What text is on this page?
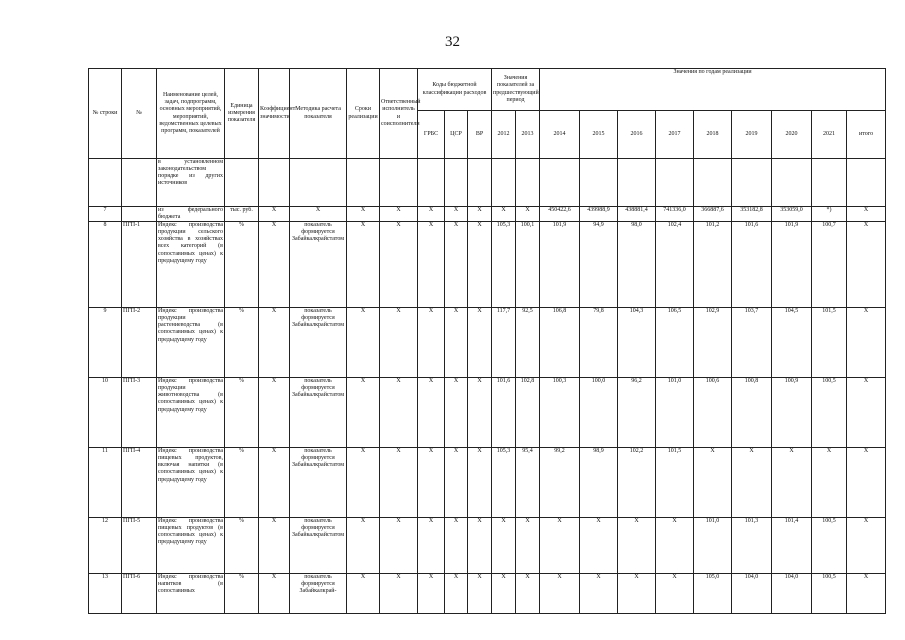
32
№ строки	№	Наименование целей, задач, подпрограмм, основных мероприятий, мероприятий, ведомственных целевых программ, показателей	Единица измерения показателя	Коэффициент значимости	Методика расчета показателя	Сроки реализации	Ответственный исполнитель и соисполнители	Коды бюджетной классификации расходов			Значения показателей за предшествующий период		Значения по годам реализации								
								ГРБС	ЦСР	ВР	2012	2013	2014	2015	2016	2017	2018	2019	2020	2021	итого
		в установленном законодательством порядке из других источников																			
7		из федерального бюджета	тыс. руб.	X	X	X	X	X	X	X	X	X	450422,6	439988,9	438881,4	741336,0	366887,6	353182,8	353059,0	*)	X
8	ПГП-1	Индекс производства продукции сельского хозяйства в хозяйствах всех категорий (в сопоставимых ценах) к предыдущему году	%	X	показатель формируется Забайкалкрайстатом	X	X	X	X	X	105,3	100,1	101,9	94,9	98,0	102,4	101,2	101,6	101,9	100,7	X
9	ПГП-2	Индекс производства продукции растениеводства (в сопоставимых ценах) к предыдущему году	%	X	показатель формируется Забайкалкрайстатом	X	X	X	X	X	117,7	92,5	106,8	79,8	104,3	106,5	102,9	103,7	104,5	101,5	X
10	ПГП-3	Индекс производства продукции животноводства (в сопоставимых ценах) к предыдущему году	%	X	показатель формируется Забайкалкрайстатом	X	X	X	X	X	101,6	102,8	100,3	100,0	96,2	101,0	100,6	100,8	100,9	100,5	X
11	ПГП-4	Индекс производства пищевых продуктов, включая напитки (в сопоставимых ценах) к предыдущему году	%	X	показатель формируется Забайкалкрайстатом	X	X	X	X	X	105,3	95,4	99,2	98,9	102,2	101,5	X	X	X	X	X
12	ПГП-5	Индекс производства пищевых продуктов (в сопоставимых ценах) к предыдущему году	%	X	показатель формируется Забайкалкрайстатом	X	X	X	X	X	X	X	X	X	X	X	101,0	101,3	101,4	100,5	X
13	ПГП-6	Индекс производства напитков (в сопоставимых	%	X	показатель формируется Забайкалкрай-	X	X	X	X	X	X	X	X	X	X	X	105,0	104,0	104,0	100,5	X
